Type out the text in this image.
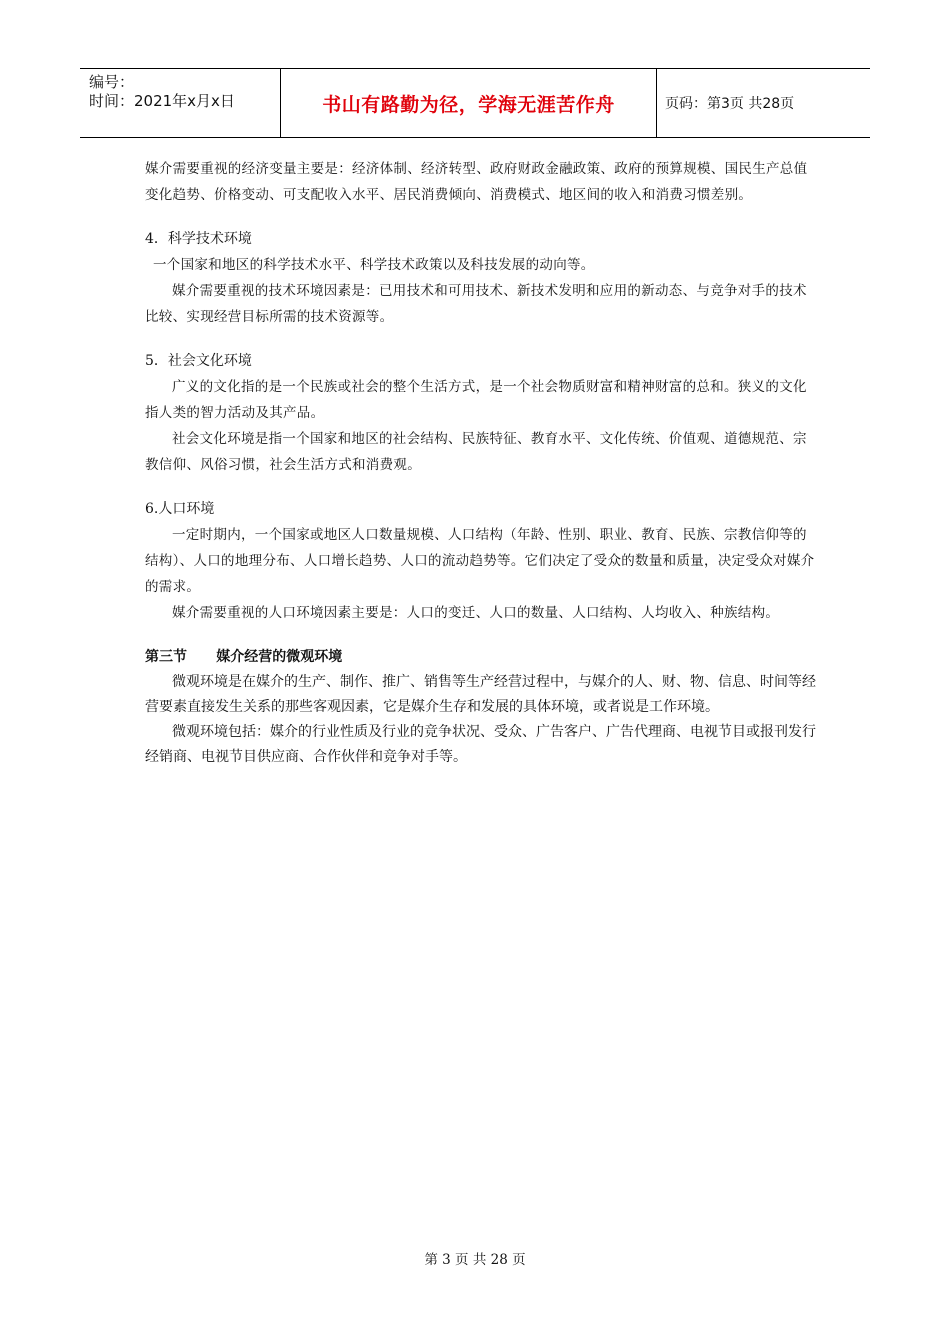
编号：
时间：2021年x月x日	书山有路勤为径，学海无涯苦作舟	页码：第3页 共28页

媒介需要重视的经济变量主要是：经济体制、经济转型、政府财政金融政策、政府的预算规模、国民生产总值变化趋势、价格变动、可支配收入水平、居民消费倾向、消费模式、地区间的收入和消费习惯差别。

4．科学技术环境

一个国家和地区的科学技术水平、科学技术政策以及科技发展的动向等。

媒介需要重视的技术环境因素是：已用技术和可用技术、新技术发明和应用的新动态、与竞争对手的技术比较、实现经营目标所需的技术资源等。

5．社会文化环境

广义的文化指的是一个民族或社会的整个生活方式，是一个社会物质财富和精神财富的总和。狭义的文化指人类的智力活动及其产品。

社会文化环境是指一个国家和地区的社会结构、民族特征、教育水平、文化传统、价值观、道德规范、宗教信仰、风俗习惯，社会生活方式和消费观。

6.人口环境

一定时期内，一个国家或地区人口数量规模、人口结构（年龄、性别、职业、教育、民族、宗教信仰等的结构）、人口的地理分布、人口增长趋势、人口的流动趋势等。它们决定了受众的数量和质量，决定受众对媒介的需求。

媒介需要重视的人口环境因素主要是：人口的变迁、人口的数量、人口结构、人均收入、种族结构。

第三节      媒介经营的微观环境

微观环境是在媒介的生产、制作、推广、销售等生产经营过程中，与媒介的人、财、物、信息、时间等经营要素直接发生关系的那些客观因素，它是媒介生存和发展的具体环境，或者说是工作环境。

微观环境包括：媒介的行业性质及行业的竞争状况、受众、广告客户、广告代理商、电视节目或报刊发行经销商、电视节目供应商、合作伙伴和竞争对手等。

第 3 页 共 28 页
